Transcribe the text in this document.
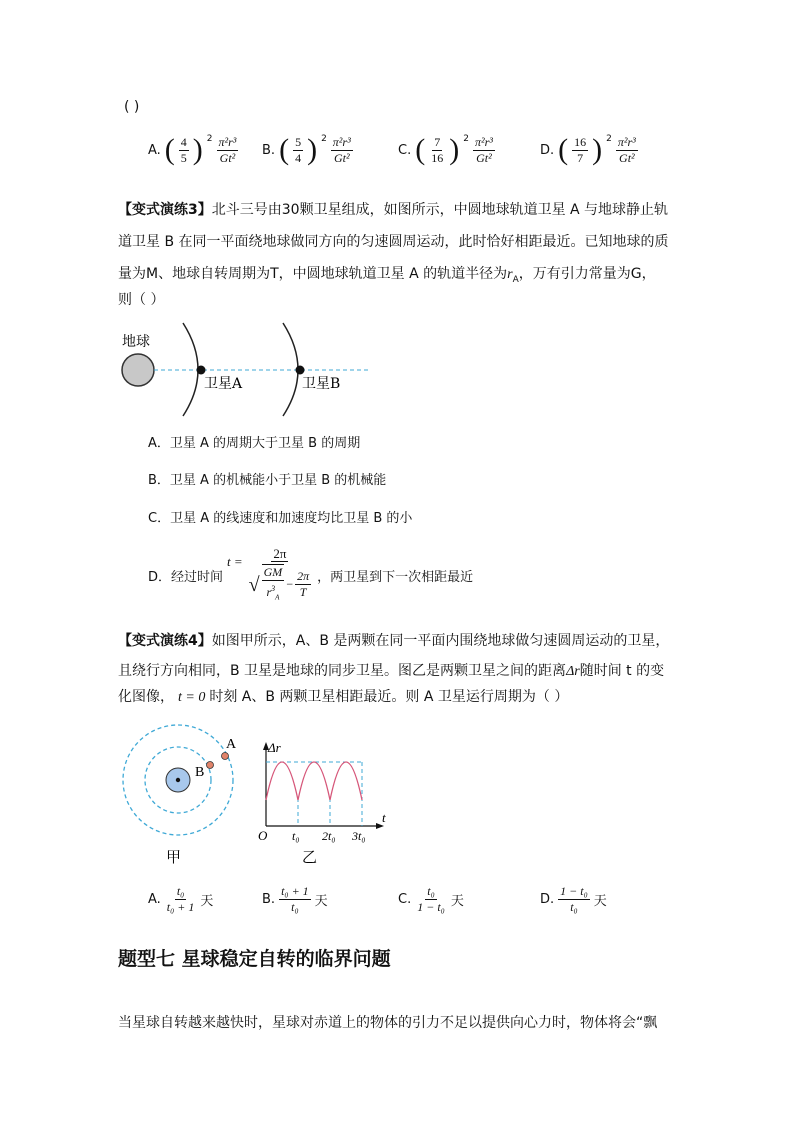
( )
A. ( $\frac{4}{5}$ ) $2 \frac{\text{π²r³}}{\text{Gt²}} B$. ( $\frac{5}{4}$ ) $2 \frac{\text{π²r³}}{\text{Gt²}}$	C. ( $\frac{7}{16}$ ) $2 \frac{\text{π²r³}}{\text{Gt²}}$	D. ( $\frac{16}{7}$ ) $2 \frac{\text{π²r³}}{\text{Gt²}}$
【变式演练3】北斗三号由30颗卫星组成，如图所示，中圆地球轨道卫星 A 与地球静止轨
道卫星 B 在同一平面绕地球做同方向的匀速圆周运动，此时恰好相距最近。已知地球的质
量为M、地球自转周期为T，中圆地球轨道卫星 A 的轨道半径为$r_A$，万有引力常量为G，
则（ ）
地球
卫星A	卫星B
A．卫星 A 的周期大于卫星 B 的周期
B．卫星 A 的机械能小于卫星 B 的机械能
C．卫星 A 的线速度和加速度均比卫星 B 的小
D．经过时间
t =
2π
√ $\frac{GM}{r^3_A} - \frac{2\pi}{T}$ ，两卫星到下一次相距最近
【变式演练4】如图甲所示，A、B 是两颗在同一平面内围绕地球做匀速圆周运动的卫星，
且绕行方向相同，B 卫星是地球的同步卫星。图乙是两颗卫星之间的距离Δr随时间 t 的变
化图像， t = 0 时刻 A、B 两颗卫星相距最近。则 A 卫星运行周期为（ ）
A
B
甲
Δr
t
O t₀ 2t₀ 3t₀
乙
A. $\frac{\text{t₀}}{\text{t₀ + 1}}$ 天	B. $\frac{\text{t₀ + 1}}{\text{t₀}}$ 天	C. $\frac{\text{t₀}}{\text{1 − t₀}}$ 天	D. $\frac{\text{1 − t₀}}{\text{t₀}}$ 天
题型七 星球稳定自转的临界问题
当星球自转越来越快时，星球对赤道上的物体的引力不足以提供向心力时，物体将会“飘
